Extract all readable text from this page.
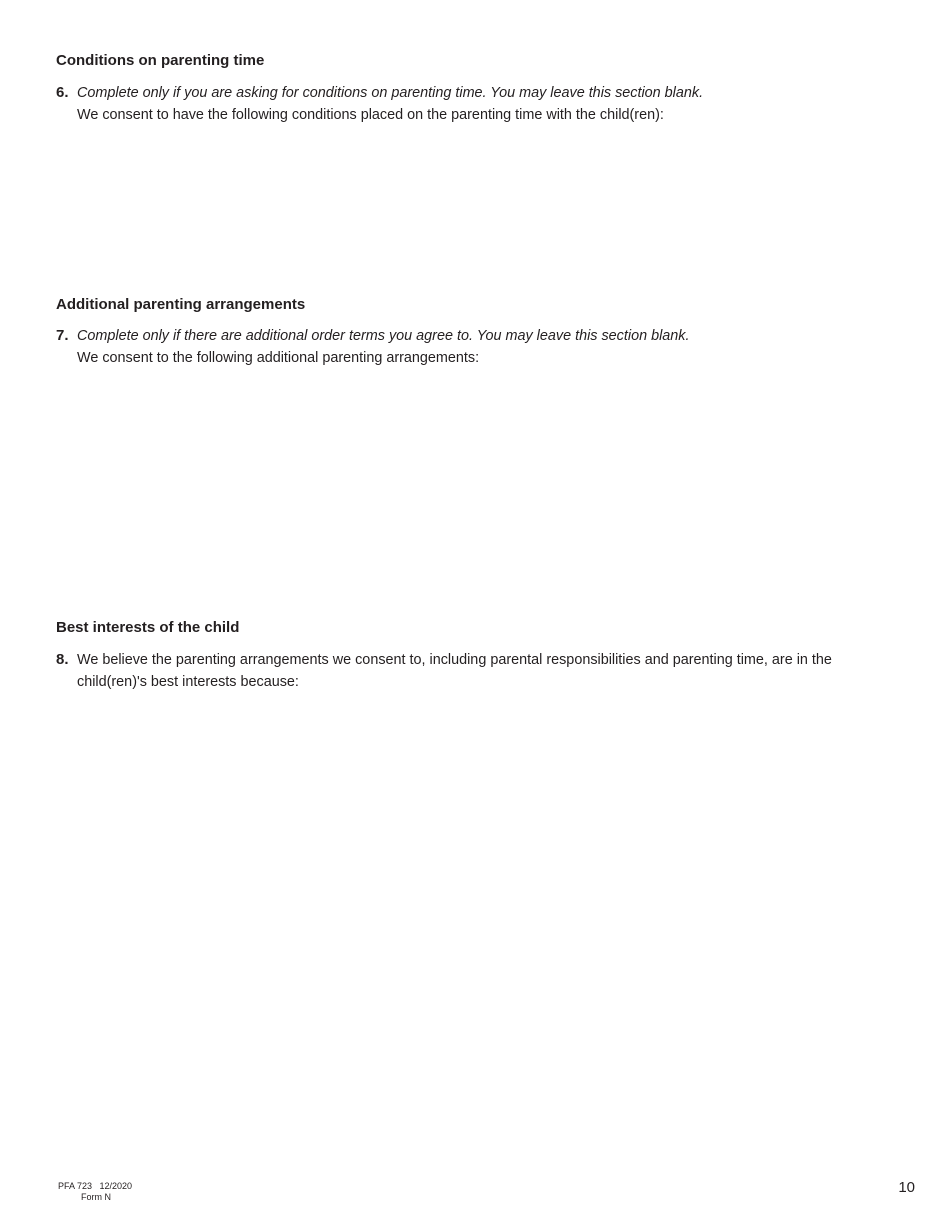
Conditions on parenting time
6. Complete only if you are asking for conditions on parenting time. You may leave this section blank.
We consent to have the following conditions placed on the parenting time with the child(ren):
Additional parenting arrangements
7. Complete only if there are additional order terms you agree to. You may leave this section blank.
We consent to the following additional parenting arrangements:
Best interests of the child
8. We believe the parenting arrangements we consent to, including parental responsibilities and parenting time, are in the child(ren)'s best interests because:
PFA 723   12/2020
Form N
10
